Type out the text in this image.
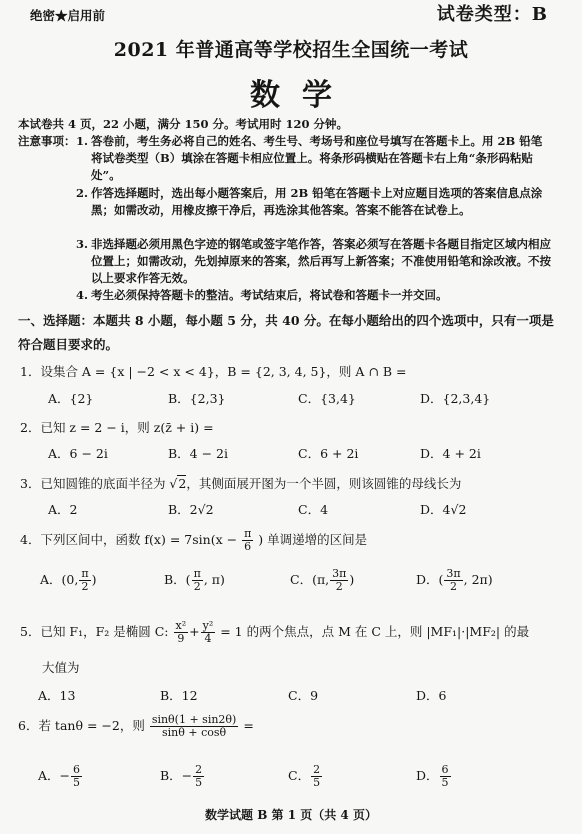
绝密★启用前	试卷类型：B
2021 年普通高等学校招生全国统一考试
数学
本试卷共 4 页，22 小题，满分 150 分。考试用时 120 分钟。
注意事项： 1. 答卷前，考生务必将自己的姓名、考生号、考场号和座位号填写在答题卡上。用 2B 铅笔将试卷类型（B）填涂在答题卡相应位置上。将条形码横贴在答题卡右上角“条形码粘贴处”。
2. 作答选择题时，选出每小题答案后，用 2B 铅笔在答题卡上对应题目选项的答案信息点涂黑；如需改动，用橡皮擦干净后，再选涂其他答案。答案不能答在试卷上。
3. 非选择题必须用黑色字迹的钢笔或签字笔作答，答案必须写在答题卡各题目指定区域内相应位置上；如需改动，先划掉原来的答案，然后再写上新答案；不准使用铅笔和涂改液。不按以上要求作答无效。
4. 考生必须保持答题卡的整洁。考试结束后，将试卷和答题卡一并交回。
一、选择题：本题共 8 小题，每小题 5 分，共 40 分。在每小题给出的四个选项中，只有一项是符合题目要求的。
1．设集合 A = {x | −2 < x < 4}，B = {2, 3, 4, 5}，则 A ∩ B =
A．{2}	B．{2,3}	C．{3,4}	D．{2,3,4}
2．已知 z = 2 − i，则 z(z̄ + i) =
A．6 − 2i	B．4 − 2i	C．6 + 2i	D．4 + 2i
3．已知圆锥的底面半径为 √2，其侧面展开图为一个半圆，则该圆锥的母线长为
A．2	B．2√2	C．4	D．4√2
4．下列区间中，函数 $f(x) = 7\sin(x - \frac{\pi}{6}$ ) 单调递增的区间是
A．(0, $\frac{\pi}{2}$ )	B．( $\frac{\pi}{2}$ , π)	C．(π, $\frac{3\pi}{2}$ )	D．( $\frac{3\pi}{2}$ , 2π)
5．已知 F₁，F₂ 是椭圆 C: $\frac{\text{x²}}{9} + \frac{\text{y²}}{4} = 1$ 的两个焦点，点 M 在 C 上，则 |MF₁|·|MF₂| 的最
大值为
A．13	B．12	C．9	D．6
6．若 tanθ = −2，则 $\frac{\sin\theta(1 + \sin 2\theta)}{\sin\theta + \cos\theta}$ =
A．− $\frac{6}{5}$	B．− $\frac{2}{5}$	C． $\frac{2}{5}$	D． $\frac{6}{5}$
数学试题 B 第 1 页（共 4 页）
